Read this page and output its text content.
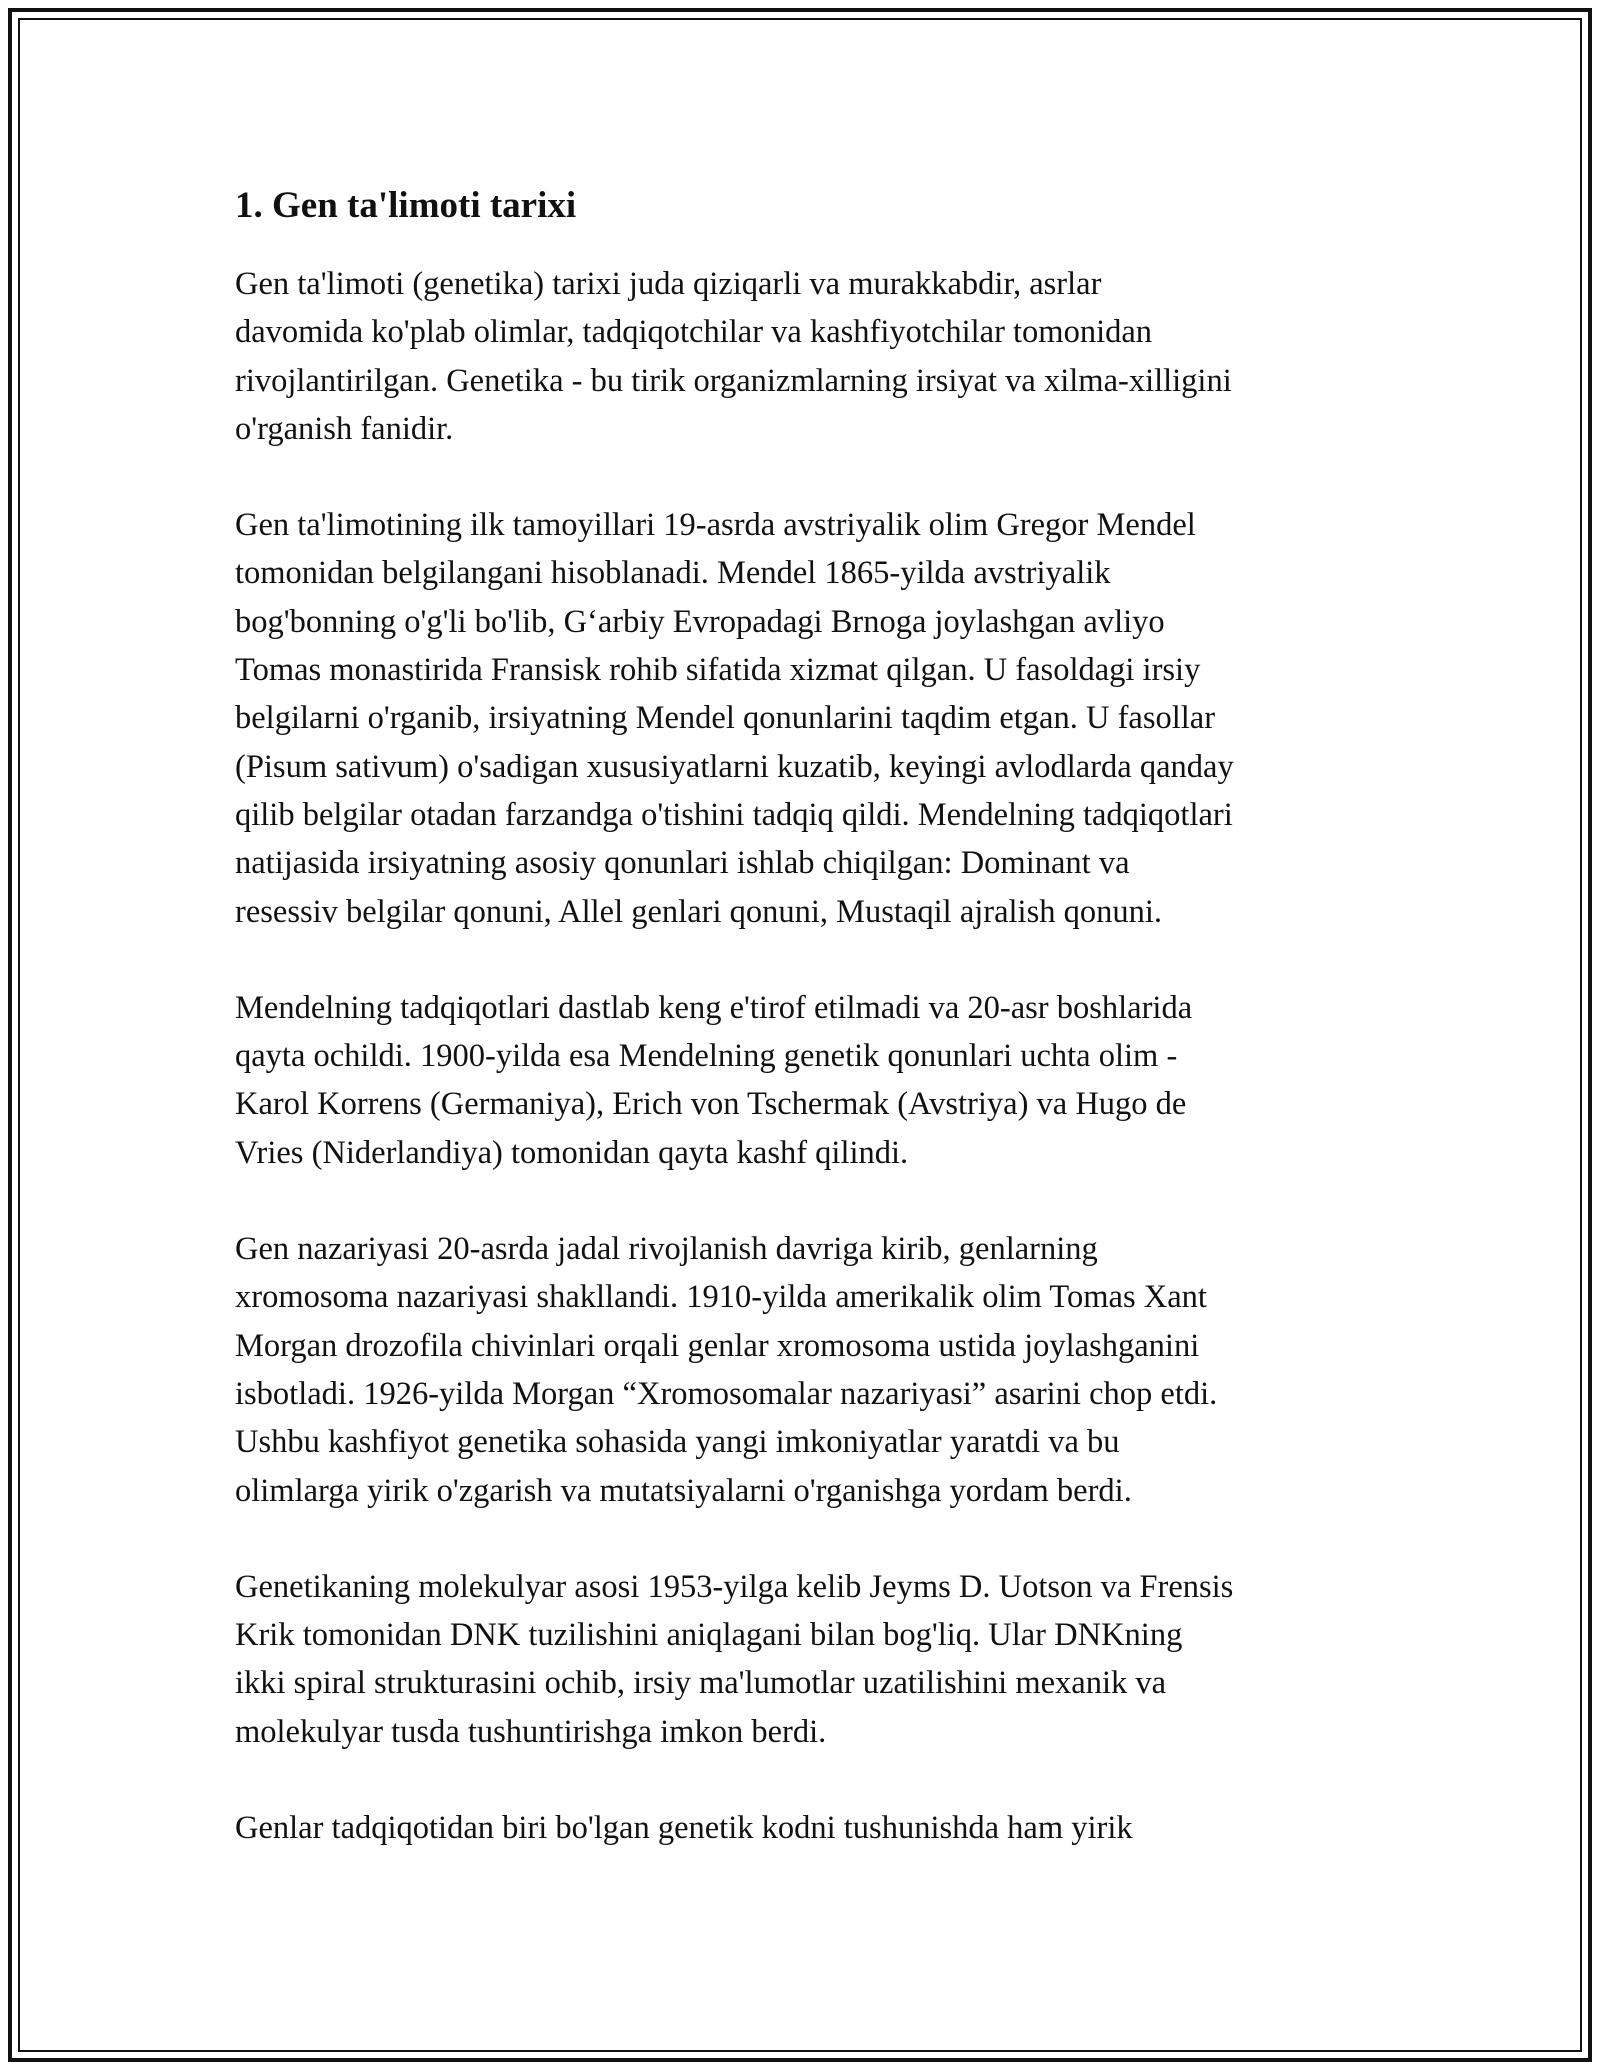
1. Gen ta'limoti tarixi

Gen ta'limoti (genetika) tarixi juda qiziqarli va murakkabdir, asrlar
davomida ko'plab olimlar, tadqiqotchilar va kashfiyotchilar tomonidan
rivojlantirilgan. Genetika - bu tirik organizmlarning irsiyat va xilma-xilligini
o'rganish fanidir.

Gen ta'limotining ilk tamoyillari 19-asrda avstriyalik olim Gregor Mendel
tomonidan belgilangani hisoblanadi. Mendel 1865-yilda avstriyalik
bog'bonning o'g'li bo'lib, G‘arbiy Evropadagi Brnoga joylashgan avliyo
Tomas monastirida Fransisk rohib sifatida xizmat qilgan. U fasoldagi irsiy
belgilarni o'rganib, irsiyatning Mendel qonunlarini taqdim etgan. U fasollar
(Pisum sativum) o'sadigan xususiyatlarni kuzatib, keyingi avlodlarda qanday
qilib belgilar otadan farzandga o'tishini tadqiq qildi. Mendelning tadqiqotlari
natijasida irsiyatning asosiy qonunlari ishlab chiqilgan: Dominant va
resessiv belgilar qonuni, Allel genlari qonuni, Mustaqil ajralish qonuni.

Mendelning tadqiqotlari dastlab keng e'tirof etilmadi va 20-asr boshlarida
qayta ochildi. 1900-yilda esa Mendelning genetik qonunlari uchta olim -
Karol Korrens (Germaniya), Erich von Tschermak (Avstriya) va Hugo de
Vries (Niderlandiya) tomonidan qayta kashf qilindi.

Gen nazariyasi 20-asrda jadal rivojlanish davriga kirib, genlarning
xromosoma nazariyasi shakllandi. 1910-yilda amerikalik olim Tomas Xant
Morgan drozofila chivinlari orqali genlar xromosoma ustida joylashganini
isbotladi. 1926-yilda Morgan “Xromosomalar nazariyasi” asarini chop etdi.
Ushbu kashfiyot genetika sohasida yangi imkoniyatlar yaratdi va bu
olimlarga yirik o'zgarish va mutatsiyalarni o'rganishga yordam berdi.

Genetikaning molekulyar asosi 1953-yilga kelib Jeyms D. Uotson va Frensis
Krik tomonidan DNK tuzilishini aniqlagani bilan bog'liq. Ular DNKning
ikki spiral strukturasini ochib, irsiy ma'lumotlar uzatilishini mexanik va
molekulyar tusda tushuntirishga imkon berdi.

Genlar tadqiqotidan biri bo'lgan genetik kodni tushunishda ham yirik
